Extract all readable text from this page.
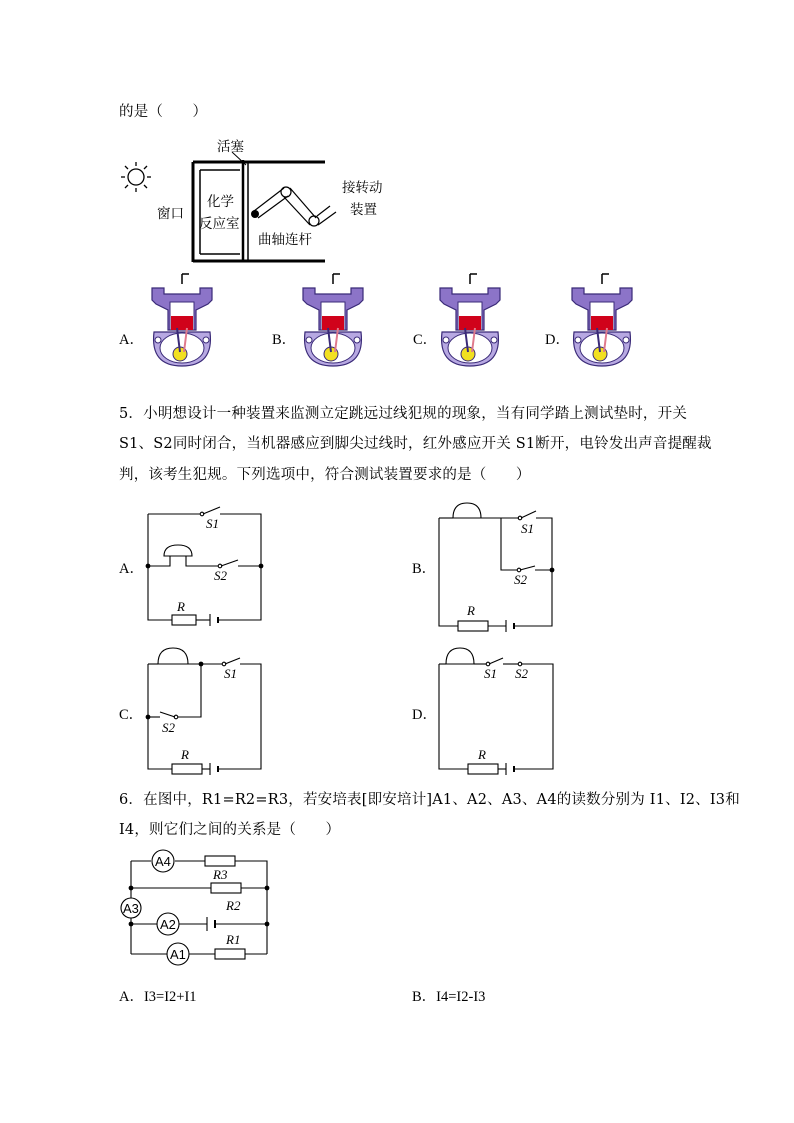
的是（　　）
活塞
窗口
化学
反应室
曲轴连杆
接转动
装置
A．	B．	C．	D．
5．小明想设计一种装置来监测立定跳远过线犯规的现象，当有同学踏上测试垫时，开关
S1、S2同时闭合，当机器感应到脚尖过线时，红外感应开关 S1断开，电铃发出声音提醒裁
判，该考生犯规。下列选项中，符合测试装置要求的是（　　）
A．	B．
C．	D．
S1
S2
R
S1
S2
R
S1
S2
R
S1 S2
R
6．在图中，R1=R2=R3，若安培表[即安培计]A1、A2、A3、A4的读数分别为 I1、I2、I3和
I4，则它们之间的关系是（　　）
A4
A3
A2
A1
R3
R2
R1
A．I3=I2+I1	B．I4=I2-I3
